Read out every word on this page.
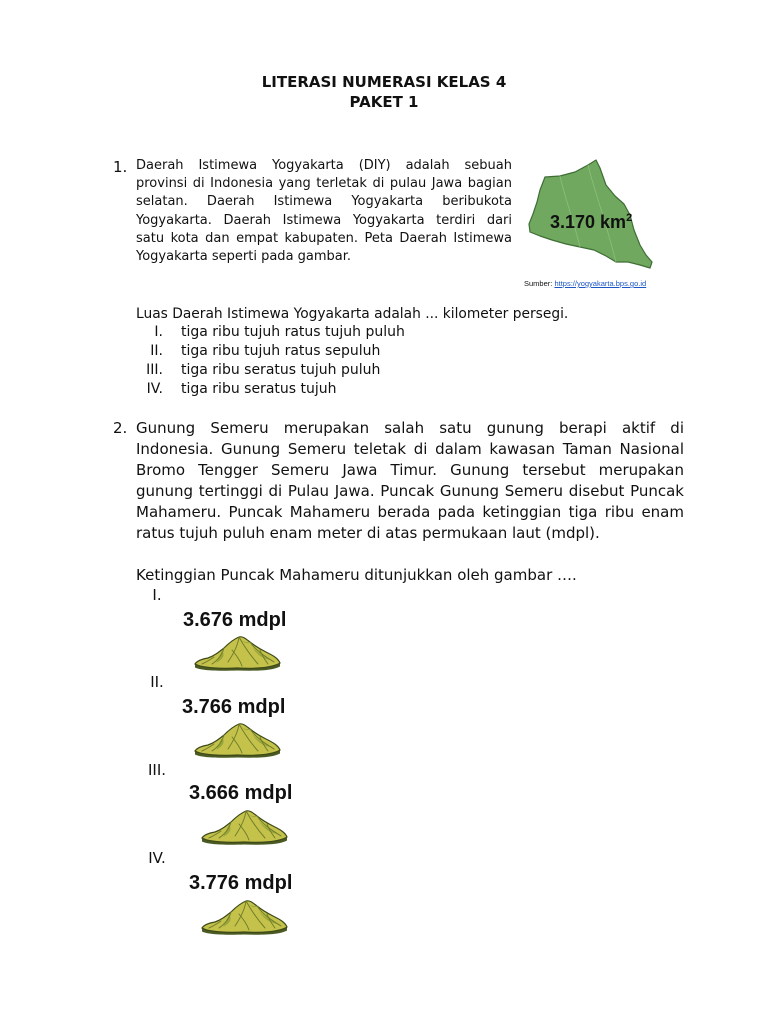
LITERASI NUMERASI KELAS 4
PAKET 1
1. Daerah Istimewa Yogyakarta (DIY) adalah sebuah
provinsi di Indonesia yang terletak di pulau Jawa bagian
selatan. Daerah Istimewa Yogyakarta beribukota
Yogyakarta. Daerah Istimewa Yogyakarta terdiri dari
satu kota dan empat kabupaten. Peta Daerah Istimewa
Yogyakarta seperti pada gambar.
3.170 $km^2$
Sumber: https://yogyakarta.bps.go.id
Luas Daerah Istimewa Yogyakarta adalah ... kilometer persegi.
I. tiga ribu tujuh ratus tujuh puluh
II. tiga ribu tujuh ratus sepuluh
III. tiga ribu seratus tujuh puluh
IV. tiga ribu seratus tujuh
2. Gunung Semeru merupakan salah satu gunung berapi aktif di
Indonesia. Gunung Semeru teletak di dalam kawasan Taman Nasional
Bromo Tengger Semeru Jawa Timur. Gunung tersebut merupakan
gunung tertinggi di Pulau Jawa. Puncak Gunung Semeru disebut Puncak
Mahameru. Puncak Mahameru berada pada ketinggian tiga ribu enam
ratus tujuh puluh enam meter di atas permukaan laut (mdpl).
Ketinggian Puncak Mahameru ditunjukkan oleh gambar ….
I.
3.676 mdpl
II.
3.766 mdpl
III.
3.666 mdpl
IV.
3.776 mdpl
